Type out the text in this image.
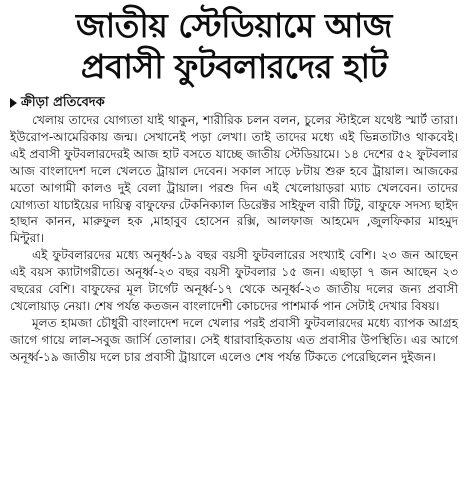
জাতীয় স্টেডিয়ামে আজ
প্রবাসী ফুটবলারদের হাট
ক্রীড়া প্রতিবেদক

খেলায় তাদের যোগ্যতা যাই থাকুন, শারীরিক চলন বলন, চুলের স্টাইলে যথেষ্ট স্মার্ট তারা। ইউরোপ-আমেরিকায় জন্ম। সেখানেই পড়া লেখা। তাই তাদের মধ্যে এই ভিন্নতাটাও থাকবেই। এই প্রবাসী ফুটবলারদেরই আজ হাট বসতে যাচ্ছে জাতীয় স্টেডিয়ামে। ১৪ দেশের ৫২ ফুটবলার আজ বাংলাদেশ দলে খেলতে ট্রায়াল দেবেন। সকাল সাড়ে ৮টায় শুরু হবে ট্রায়াল। আজকের মতো আগামী কালও দুই বেলা ট্রায়াল। পরশু দিন এই খেলোয়াড়রা ম্যাচ খেলবেন। তাদের যোগ্যতা যাচাইয়ের দায়িত্ব বাফুফের টেকনিক্যাল ডিরেক্টর সাইফুল বারী টিটু, বাফুফে সদস্য ছাইদ হাছান কানন, মারুফুল হক ,মাহাবুব হোসেন রক্সি, আলফাজ আহমেদ ,জুলফিকার মাহমুদ মিন্টুরা।

এই ফুটবলারদের মধ্যে অনূর্ধ্ব-১৯ বছর বয়সী ফুটবলারের সংখ্যাই বেশি। ২৩ জন আছেন এই বয়স ক্যাটাগরীতে। অনূর্ধ্ব-২৩ বছর বয়সী ফুটবলার ১৫ জন। এছাড়া ৭ জন আছেন ২৩ বছরের বেশি। বাফুফের মূল টার্গেট অনূর্ধ্ব-১৭ থেকে অনূর্ধ্ব-২৩ জাতীয় দলের জন্য প্রবাসী খেলোয়াড় নেয়া। শেষ পর্যন্ত কতজন বাংলাদেশী কোচদের পাশমার্ক পান সেটাই দেখার বিষয়।

মূলত হামজা চৌধুরী বাংলাদেশ দলে খেলার পরই প্রবাসী ফুটবলারদের মধ্যে ব্যাপক আগ্রহ জাগে গায়ে লাল-সবুজ জার্সি তোলার। সেই ধারাবাহিকতায় এত প্রবাসীর উপস্থিতি। এর আগে অনূর্ধ্ব-১৯ জাতীয় দলে চার প্রবাসী ট্রায়ালে এলেও শেষ পর্যন্ত টিকতে পেরেছিলেন দুইজন।
